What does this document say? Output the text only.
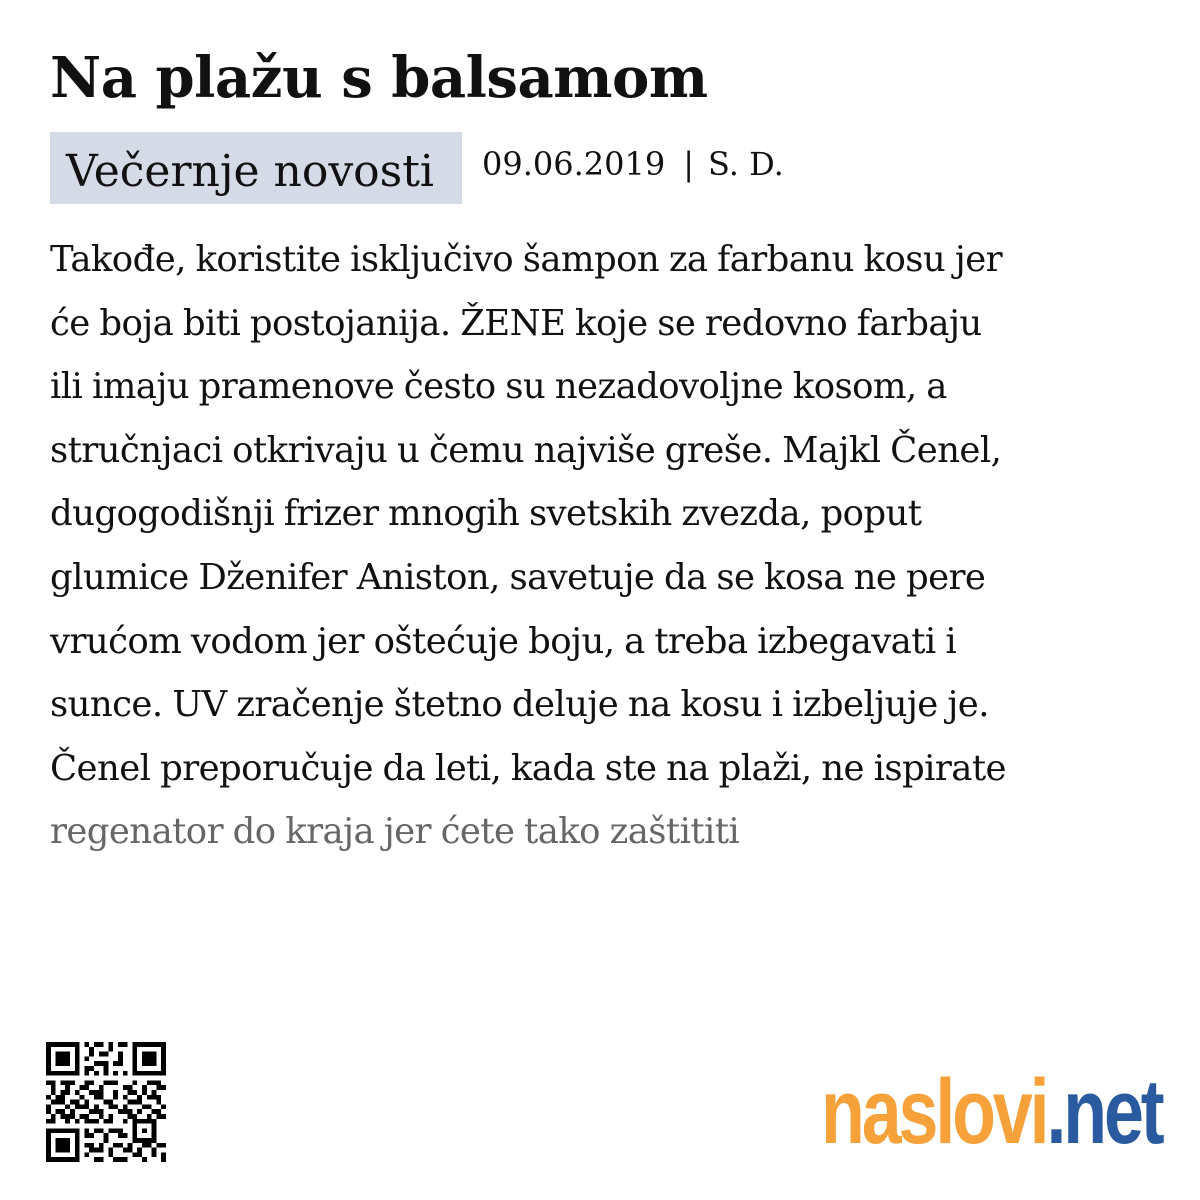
Na plažu s balsamom
Večernje novosti	09.06.2019 | S. D.

Takođe, koristite isključivo šampon za farbanu kosu jer
će boja biti postojanija. ŽENE koje se redovno farbaju
ili imaju pramenove često su nezadovoljne kosom, a
stručnjaci otkrivaju u čemu najviše greše. Majkl Čenel,
dugogodišnji frizer mnogih svetskih zvezda, poput
glumice Dženifer Aniston, savetuje da se kosa ne pere
vrućom vodom jer oštećuje boju, a treba izbegavati i
sunce. UV zračenje štetno deluje na kosu i izbeljuje je.
Čenel preporučuje da leti, kada ste na plaži, ne ispirate
regenator do kraja jer ćete tako zaštititi

naslovi.net
